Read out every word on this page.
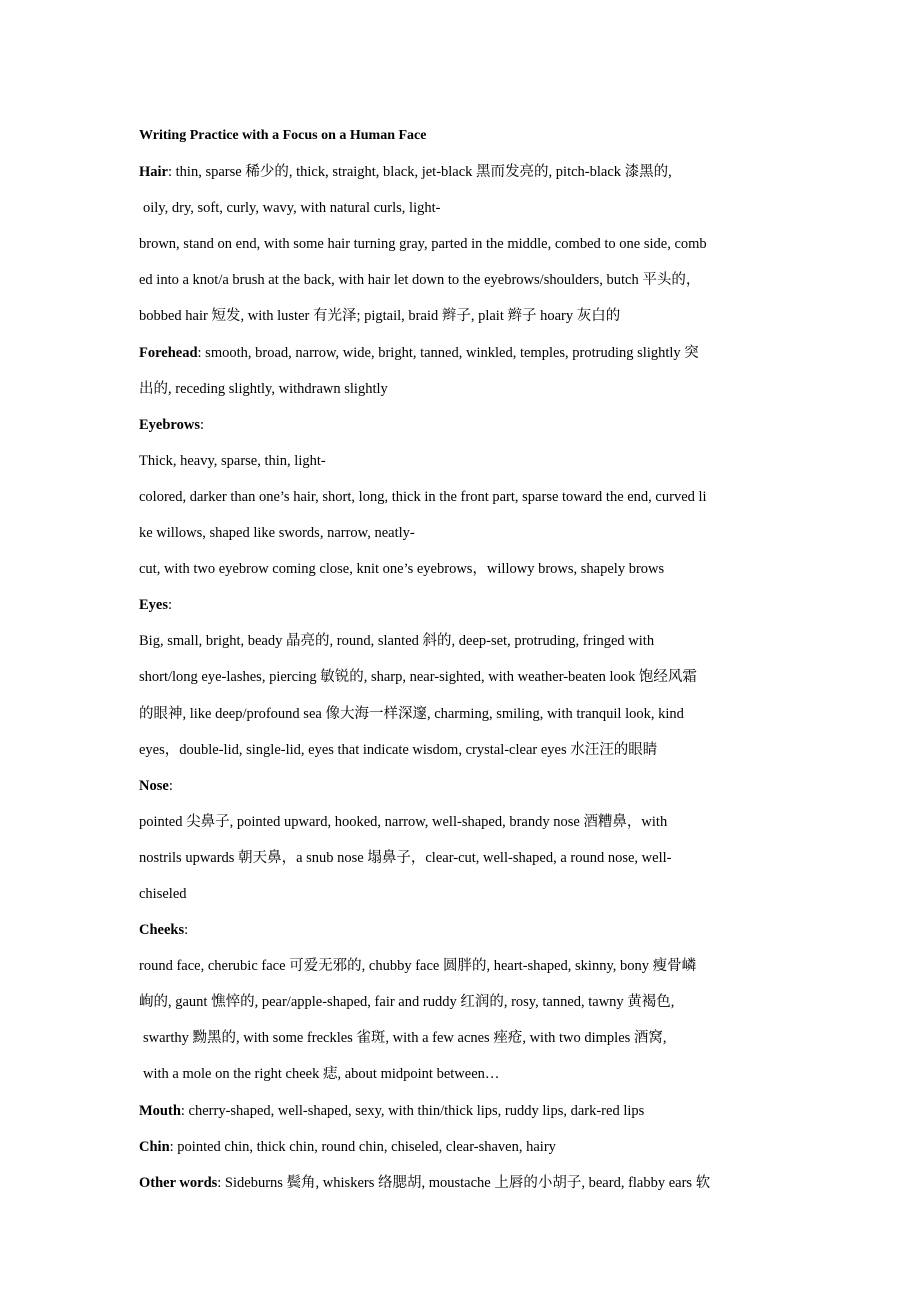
Writing Practice with a Focus on a Human Face
Hair: thin, sparse 稀少的, thick, straight, black, jet-black 黑而发亮的, pitch-black 漆黑的,
oily, dry, soft, curly, wavy, with natural curls, light-
brown, stand on end, with some hair turning gray, parted in the middle, combed to one side, comb
ed into a knot/a brush at the back, with hair let down to the eyebrows/shoulders, butch 平头的，
bobbed hair 短发, with luster 有光泽; pigtail, braid 辫子, plait 辫子 hoary 灰白的
Forehead: smooth, broad, narrow, wide, bright, tanned, winkled, temples, protruding slightly 突
出的, receding slightly, withdrawn slightly
Eyebrows:
Thick, heavy, sparse, thin, light-
colored, darker than one’s hair, short, long, thick in the front part, sparse toward the end, curved li
ke willows, shaped like swords, narrow, neatly-
cut, with two eyebrow coming close, knit one’s eyebrows，willowy brows, shapely brows
Eyes:
Big, small, bright, beady 晶亮的, round, slanted 斜的, deep-set, protruding, fringed with
short/long eye-lashes, piercing 敏锐的, sharp, near-sighted, with weather-beaten look 饱经风霜
的眼神, like deep/profound sea 像大海一样深邃, charming, smiling, with tranquil look, kind
eyes，double-lid, single-lid, eyes that indicate wisdom, crystal-clear eyes 水汪汪的眼睛
Nose:
pointed 尖鼻子, pointed upward, hooked, narrow, well-shaped, brandy nose 酒糟鼻，with
nostrils upwards 朝天鼻，a snub nose 塌鼻子，clear-cut, well-shaped, a round nose, well-
chiseled
Cheeks:
round face, cherubic face 可爱无邪的, chubby face 圆胖的, heart-shaped, skinny, bony 瘦骨嶙
峋的, gaunt 憔悴的, pear/apple-shaped, fair and ruddy 红润的, rosy, tanned, tawny 黄褐色,
swarthy 黝黑的, with some freckles 雀斑, with a few acnes 痤疮, with two dimples 酒窝,
with a mole on the right cheek 痣, about midpoint between…
Mouth: cherry-shaped, well-shaped, sexy, with thin/thick lips, ruddy lips, dark-red lips
Chin: pointed chin, thick chin, round chin, chiseled, clear-shaven, hairy
Other words: Sideburns 鬓角, whiskers 络腮胡, moustache 上唇的小胡子, beard, flabby ears 软
